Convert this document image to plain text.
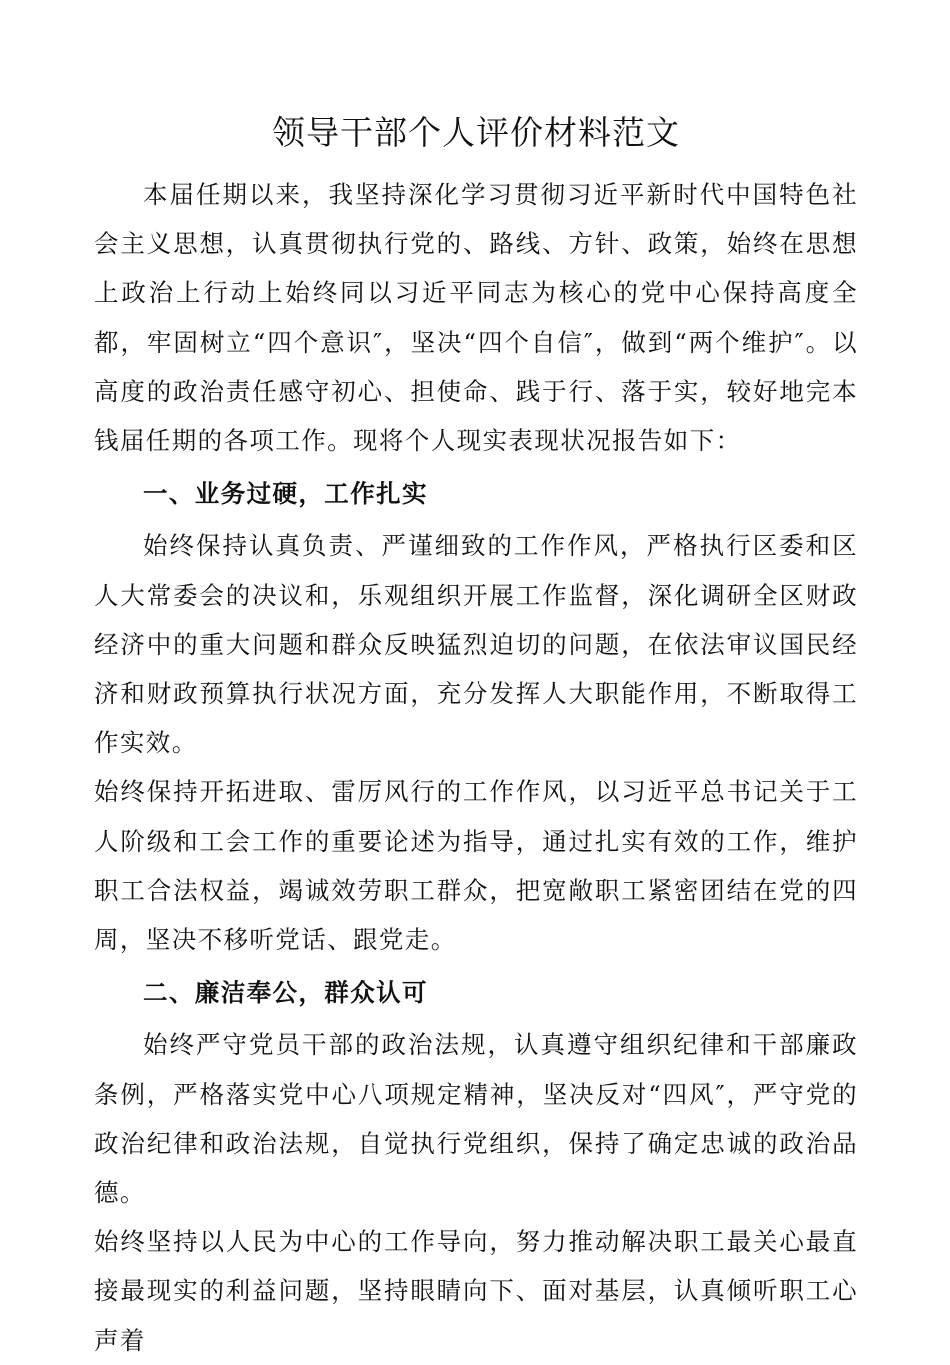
领导干部个人评价材料范文

本届任期以来，我坚持深化学习贯彻习近平新时代中国特色社会主义思想，认真贯彻执行党的、路线、方针、政策，始终在思想上政治上行动上始终同以习近平同志为核心的党中心保持高度全都，牢固树立“四个意识″，坚决“四个自信″，做到“两个维护″。以高度的政治责任感守初心、担使命、践于行、落于实，较好地完本钱届任期的各项工作。现将个人现实表现状况报告如下：

一、业务过硬，工作扎实

始终保持认真负责、严谨细致的工作作风，严格执行区委和区人大常委会的决议和，乐观组织开展工作监督，深化调研全区财政经济中的重大问题和群众反映猛烈迫切的问题，在依法审议国民经济和财政预算执行状况方面，充分发挥人大职能作用，不断取得工作实效。

始终保持开拓进取、雷厉风行的工作作风，以习近平总书记关于工人阶级和工会工作的重要论述为指导，通过扎实有效的工作，维护职工合法权益，竭诚效劳职工群众，把宽敞职工紧密团结在党的四周，坚决不移听党话、跟党走。

二、廉洁奉公，群众认可

始终严守党员干部的政治法规，认真遵守组织纪律和干部廉政条例，严格落实党中心八项规定精神，坚决反对“四风″，严守党的政治纪律和政治法规，自觉执行党组织，保持了确定忠诚的政治品德。

始终坚持以人民为中心的工作导向，努力推动解决职工最关心最直接最现实的利益问题，坚持眼睛向下、面对基层，认真倾听职工心声着
